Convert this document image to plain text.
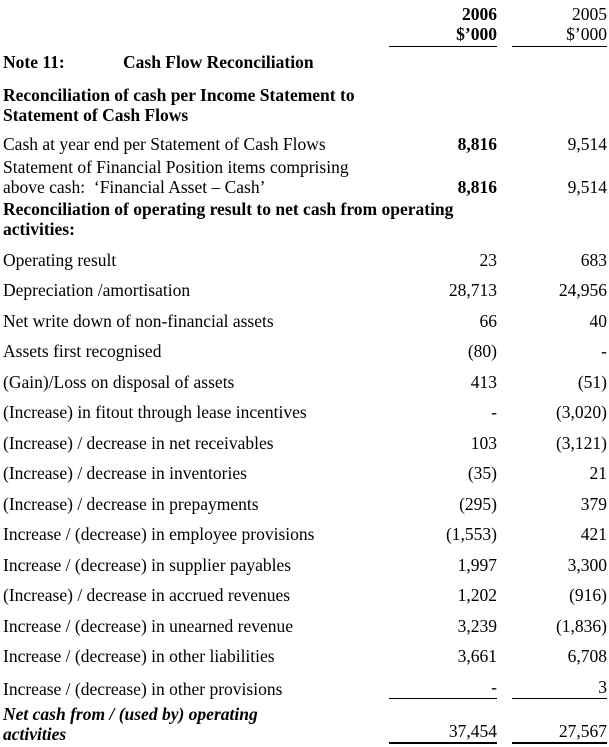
2006	2005
$’000	$’000
Note 11:	Cash Flow Reconciliation
Reconciliation of cash per Income Statement to
Statement of Cash Flows
Cash at year end per Statement of Cash Flows	8,816	9,514
Statement of Financial Position items comprising
above cash:  ‘Financial Asset – Cash’	8,816	9,514
Reconciliation of operating result to net cash from operating
activities:
Operating result	23	683
Depreciation /amortisation	28,713	24,956
Net write down of non-financial assets	66	40
Assets first recognised	(80)	-
(Gain)/Loss on disposal of assets	413	(51)
(Increase) in fitout through lease incentives	-	(3,020)
(Increase) / decrease in net receivables	103	(3,121)
(Increase) / decrease in inventories	(35)	21
(Increase) / decrease in prepayments	(295)	379
Increase / (decrease) in employee provisions	(1,553)	421
Increase / (decrease) in supplier payables	1,997	3,300
(Increase) / decrease in accrued revenues	1,202	(916)
Increase / (decrease) in unearned revenue	3,239	(1,836)
Increase / (decrease) in other liabilities	3,661	6,708
Increase / (decrease) in other provisions	-	3
Net cash from / (used by) operating
activities	37,454	27,567
